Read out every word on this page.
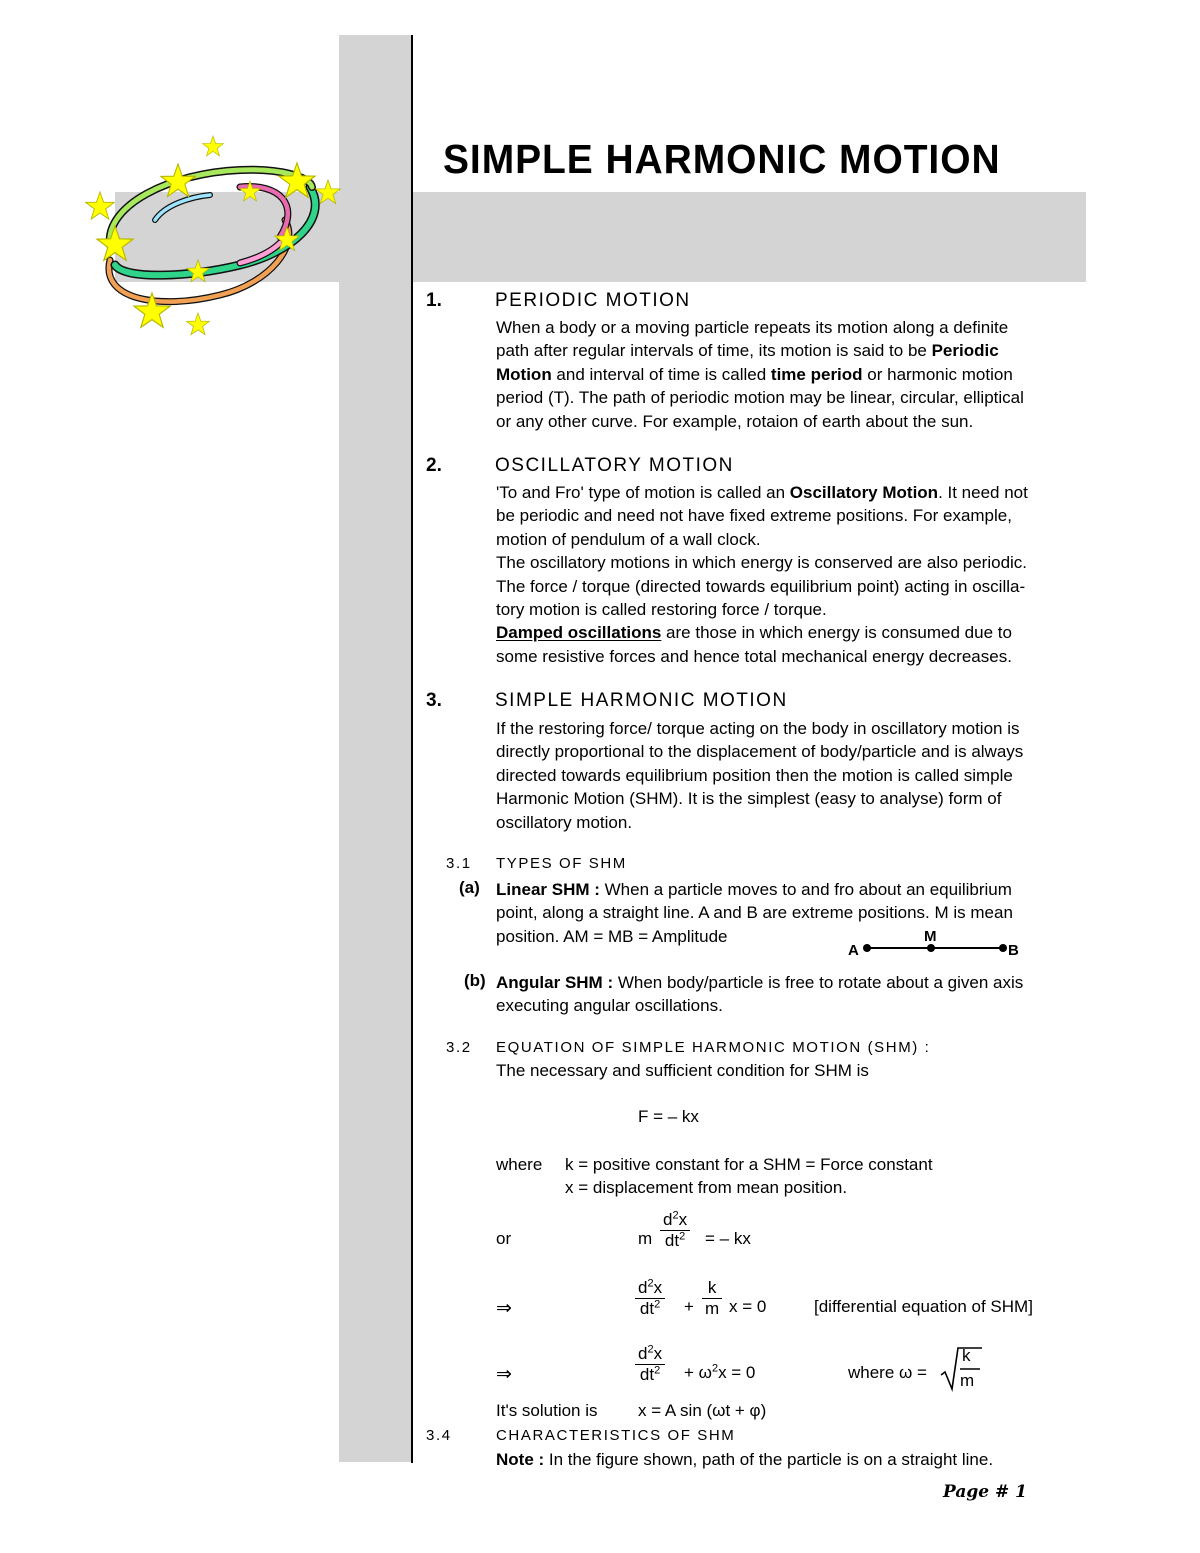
SIMPLE HARMONIC MOTION
1.	PERIODIC MOTION

When a body or a moving particle repeats its motion along a definite

path after regular intervals of time, its motion is said to be Periodic

Motion and interval of time is called time period or harmonic motion

period (T). The path of periodic motion may be linear, circular, elliptical

or any other curve. For example, rotaion of earth about the sun.

2.	OSCILLATORY MOTION

'To and Fro' type of motion is called an Oscillatory Motion. It need not

be periodic and need not have fixed extreme positions. For example,

motion of pendulum of a wall clock.

The oscillatory motions in which energy is conserved are also periodic.

The force / torque (directed towards equilibrium point) acting in oscilla-

tory motion is called restoring force / torque.

Damped oscillations are those in which energy is consumed due to

some resistive forces and hence total mechanical energy decreases.

3.	SIMPLE HARMONIC MOTION

If the restoring force/ torque acting on the body in oscillatory motion is

directly proportional to the displacement of body/particle and is always

directed towards equilibrium position then the motion is called simple

Harmonic Motion (SHM). It is the simplest (easy to analyse) form of

oscillatory motion.

3.1 TYPES OF SHM
(a) Linear SHM : When a particle moves to and fro about an equilibrium

point, along a straight line. A and B are extreme positions. M is mean

position. AM = MB = Amplitude

A
M
B
(b) Angular SHM : When body/particle is free to rotate about a given axis

executing angular oscillations.

3.2 EQUATION OF SIMPLE HARMONIC MOTION (SHM) :
The necessary and sufficient condition for SHM is
F = – kx
where k = positive constant for a SHM = Force constant
x = displacement from mean position.
or	m $\frac{d^2x}{dt^2}$ = – kx
⇒	$\frac{d^2x}{dt^2} + \frac{k}{m}$ x = 0	[differential equation of SHM]
⇒	$\frac{d^2x}{dt^2} + \omega^2x = 0$	where ω =
k
m
It's solution is x = A sin (ωt + φ)
3.4	CHARACTERISTICS OF SHM
Note : In the figure shown, path of the particle is on a straight line.
Page # 1
